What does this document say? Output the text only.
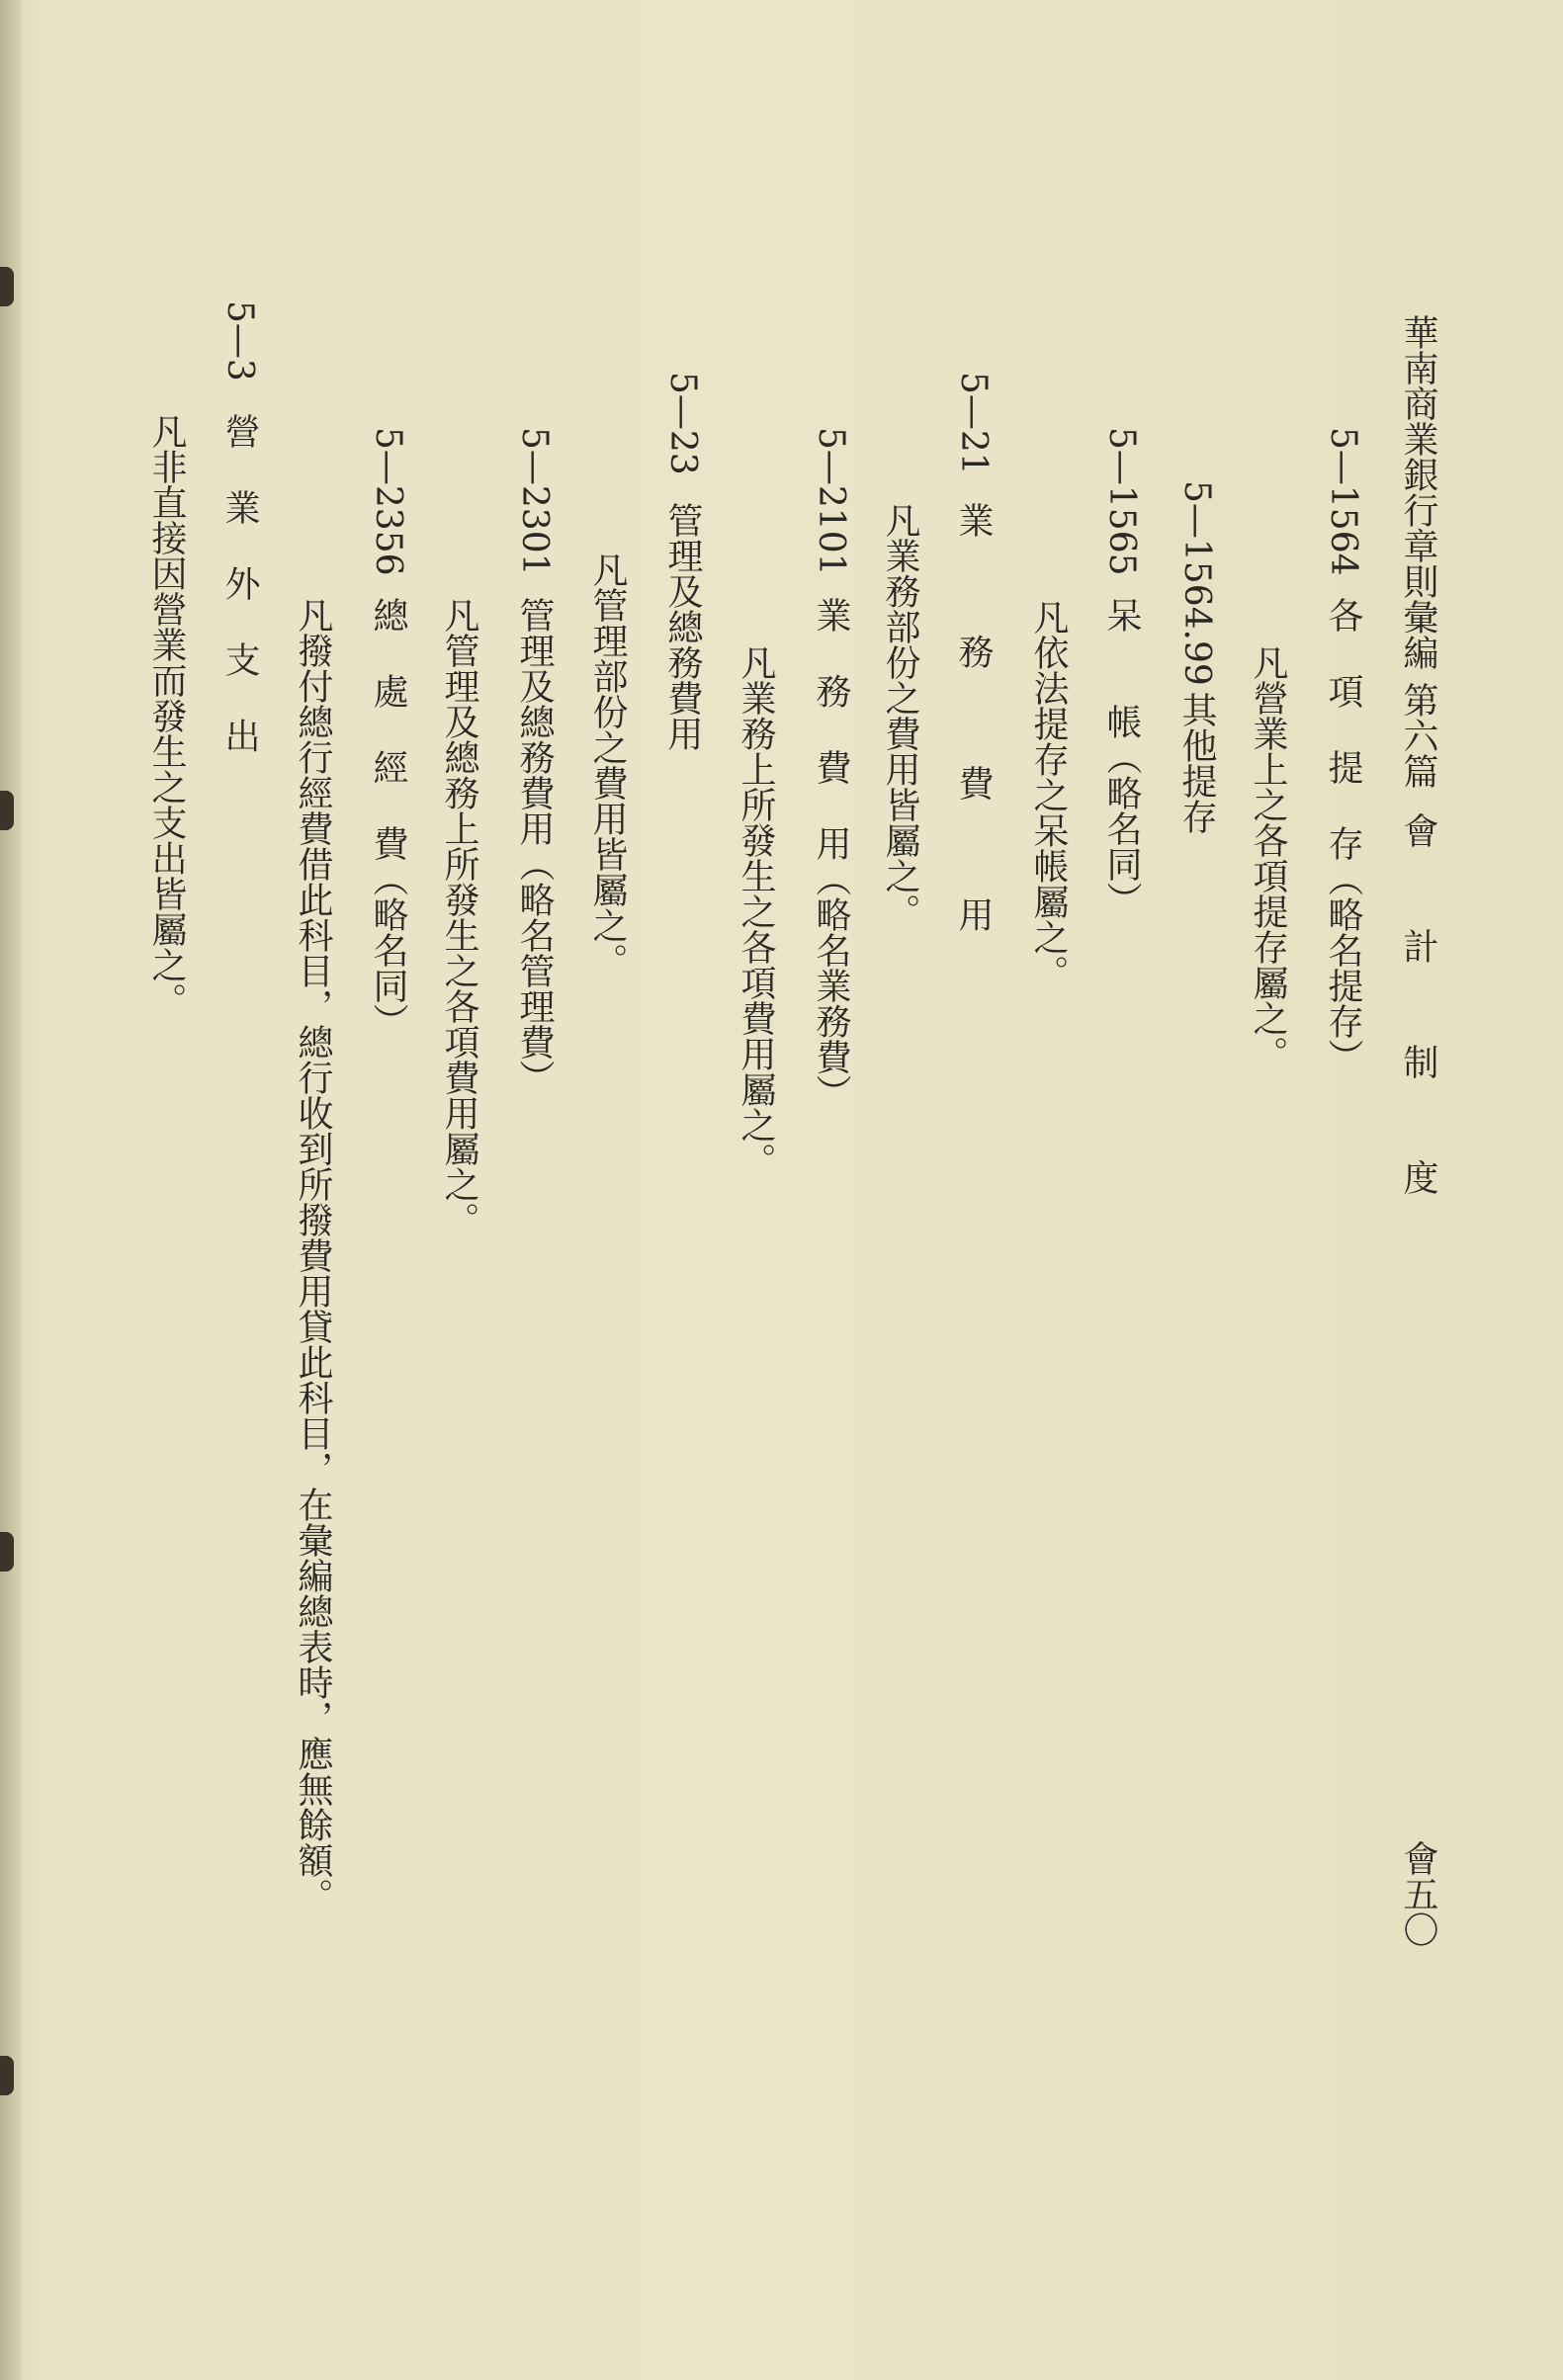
華南商業銀行章則彙編
第六篇
會 計 制 度
會五〇
5—1564
各 項 提 存（略名提存）
凡營業上之各項提存屬之。
5—1564.99
其他提存
5—1565
呆　　帳（略名同）
凡依法提存之呆帳屬之。
5—21
業 務 費 用
凡業務部份之費用皆屬之。
5—2101
業 務 費 用（略名業務費）
凡業務上所發生之各項費用屬之。
5—23
管理及總務費用
凡管理部份之費用皆屬之。
5—2301
管理及總務費用（略名管理費）
凡管理及總務上所發生之各項費用屬之。
5—2356
總 處 經 費（略名同）
凡撥付總行經費借此科目，總行收到所撥費用貸此科目，在彙編總表時，應無餘額。
5—3
營 業 外 支 出
凡非直接因營業而發生之支出皆屬之。
